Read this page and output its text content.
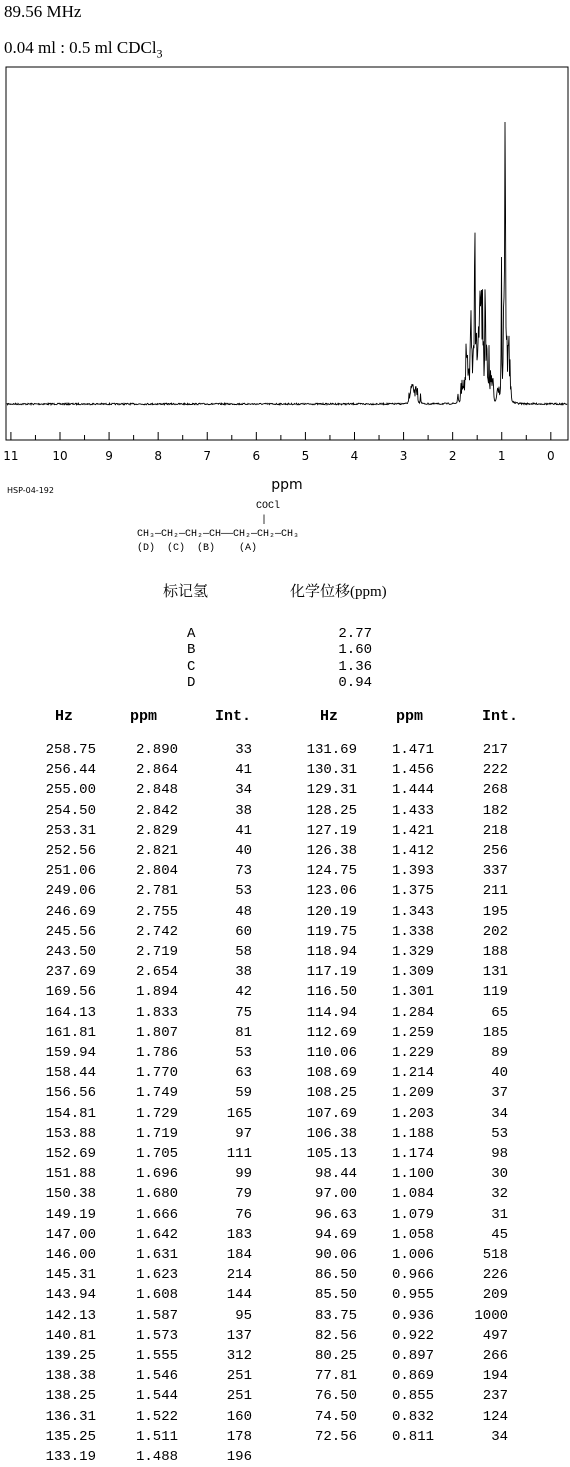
89.56 MHz
0.04 ml : 0.5 ml CDCl$_3$
11	10	9	8	7	6	5	4	3	2	1	0
ppm
HSP-04-192
COCl
|
CH₃—CH₂—CH₂—CH——CH₂—CH₂—CH₃
(D)  (C)  (B)    (A)
标记氢	化学位移(ppm)
A	2.77
B	1.60
C	1.36
D	0.94
Hz	ppm	Int.	Hz	ppm	Int.
258.75	2.890	33
256.44	2.864	41
255.00	2.848	34
254.50	2.842	38
253.31	2.829	41
252.56	2.821	40
251.06	2.804	73
249.06	2.781	53
246.69	2.755	48
245.56	2.742	60
243.50	2.719	58
237.69	2.654	38
169.56	1.894	42
164.13	1.833	75
161.81	1.807	81
159.94	1.786	53
158.44	1.770	63
156.56	1.749	59
154.81	1.729	165
153.88	1.719	97
152.69	1.705	111
151.88	1.696	99
150.38	1.680	79
149.19	1.666	76
147.00	1.642	183
146.00	1.631	184
145.31	1.623	214
143.94	1.608	144
142.13	1.587	95
140.81	1.573	137
139.25	1.555	312
138.38	1.546	251
138.25	1.544	251
136.31	1.522	160
135.25	1.511	178
133.19	1.488	196
131.69 1.471	217
130.31 1.456	222
129.31 1.444	268
128.25 1.433	182
127.19 1.421	218
126.38 1.412	256
124.75 1.393	337
123.06 1.375	211
120.19 1.343	195
119.75 1.338	202
118.94 1.329	188
117.19 1.309	131
116.50 1.301	119
114.94 1.284	65
112.69 1.259	185
110.06 1.229	89
108.69 1.214	40
108.25 1.209	37
107.69 1.203	34
106.38 1.188	53
105.13 1.174	98
98.44 1.100	30
97.00 1.084	32
96.63 1.079	31
94.69 1.058	45
90.06 1.006	518
86.50 0.966	226
85.50 0.955	209
83.75 0.936	1000
82.56 0.922	497
80.25 0.897	266
77.81 0.869	194
76.50 0.855	237
74.50 0.832	124
72.56 0.811	34
